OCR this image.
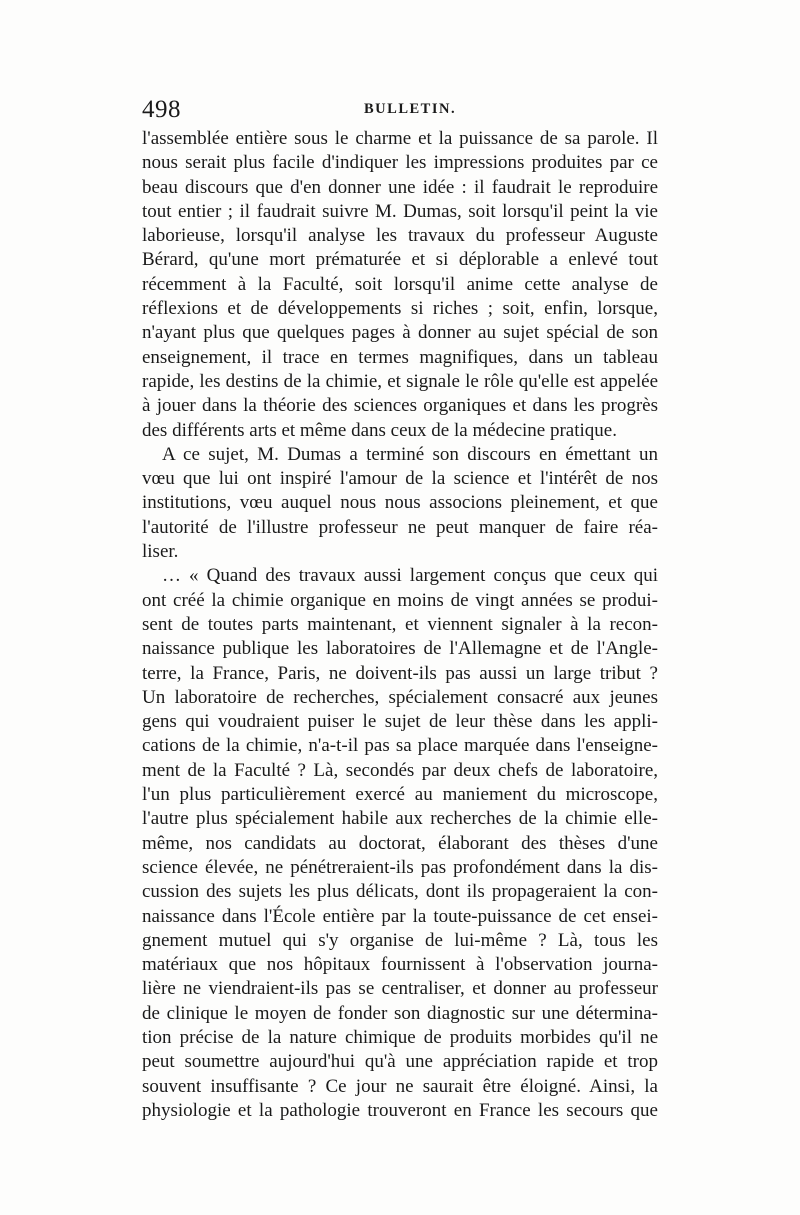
498	BULLETIN.
l'assemblée entière sous le charme et la puissance de sa parole. Il
nous serait plus facile d'indiquer les impressions produites par ce
beau discours que d'en donner une idée : il faudrait le reproduire
tout entier ; il faudrait suivre M. Dumas, soit lorsqu'il peint la vie
laborieuse, lorsqu'il analyse les travaux du professeur Auguste
Bérard, qu'une mort prématurée et si déplorable a enlevé tout
récemment à la Faculté, soit lorsqu'il anime cette analyse de
réflexions et de développements si riches ; soit, enfin, lorsque,
n'ayant plus que quelques pages à donner au sujet spécial de son
enseignement, il trace en termes magnifiques, dans un tableau
rapide, les destins de la chimie, et signale le rôle qu'elle est appelée
à jouer dans la théorie des sciences organiques et dans les progrès
des différents arts et même dans ceux de la médecine pratique.
A ce sujet, M. Dumas a terminé son discours en émettant un
vœu que lui ont inspiré l'amour de la science et l'intérêt de nos
institutions, vœu auquel nous nous associons pleinement, et que
l'autorité de l'illustre professeur ne peut manquer de faire réa-
liser.
… « Quand des travaux aussi largement conçus que ceux qui
ont créé la chimie organique en moins de vingt années se produi-
sent de toutes parts maintenant, et viennent signaler à la recon-
naissance publique les laboratoires de l'Allemagne et de l'Angle-
terre, la France, Paris, ne doivent-ils pas aussi un large tribut ?
Un laboratoire de recherches, spécialement consacré aux jeunes
gens qui voudraient puiser le sujet de leur thèse dans les appli-
cations de la chimie, n'a-t-il pas sa place marquée dans l'enseigne-
ment de la Faculté ? Là, secondés par deux chefs de laboratoire,
l'un plus particulièrement exercé au maniement du microscope,
l'autre plus spécialement habile aux recherches de la chimie elle-
même, nos candidats au doctorat, élaborant des thèses d'une
science élevée, ne pénétreraient-ils pas profondément dans la dis-
cussion des sujets les plus délicats, dont ils propageraient la con-
naissance dans l'École entière par la toute-puissance de cet ensei-
gnement mutuel qui s'y organise de lui-même ? Là, tous les
matériaux que nos hôpitaux fournissent à l'observation journa-
lière ne viendraient-ils pas se centraliser, et donner au professeur
de clinique le moyen de fonder son diagnostic sur une détermina-
tion précise de la nature chimique de produits morbides qu'il ne
peut soumettre aujourd'hui qu'à une appréciation rapide et trop
souvent insuffisante ? Ce jour ne saurait être éloigné. Ainsi, la
physiologie et la pathologie trouveront en France les secours que
